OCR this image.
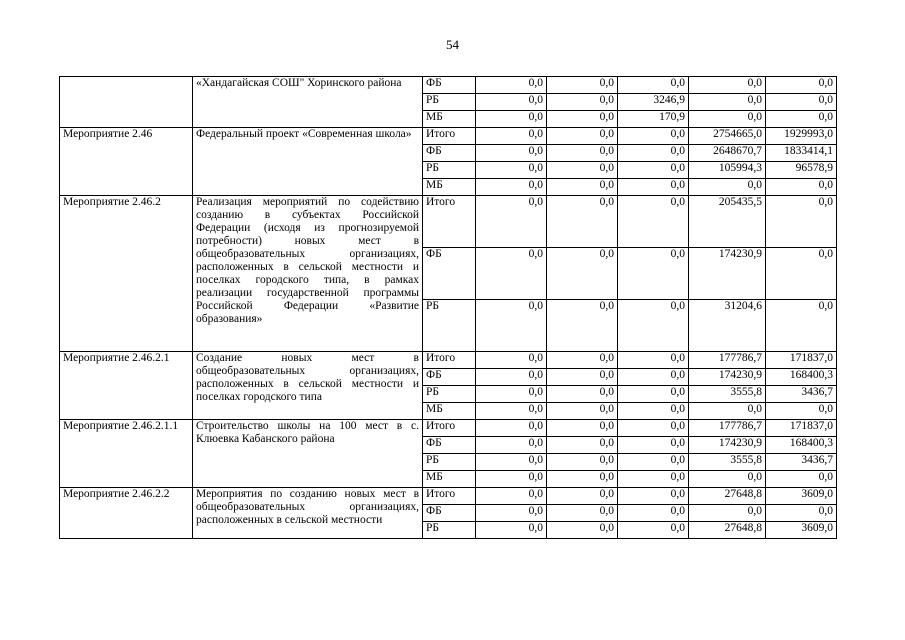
54
	«Хандагайская СОШ" Хоринского района	ФБ	0,0	0,0	0,0	0,0	0,0
		РБ	0,0	0,0	3246,9	0,0	0,0
		МБ	0,0	0,0	170,9	0,0	0,0
Мероприятие 2.46	Федеральный проект «Современная школа»	Итого	0,0	0,0	0,0	2754665,0	1929993,0
		ФБ	0,0	0,0	0,0	2648670,7	1833414,1
		РБ	0,0	0,0	0,0	105994,3	96578,9
		МБ	0,0	0,0	0,0	0,0	0,0
Мероприятие 2.46.2	Реализация мероприятий по содействию созданию в субъектах Российской Федерации (исходя из прогнозируемой потребности) новых мест в общеобразовательных организациях, расположенных в сельской местности и поселках городского типа, в рамках реализации государственной программы Российской Федерации «Развитие образования»	Итого	0,0	0,0	0,0	205435,5	0,0
		ФБ	0,0	0,0	0,0	174230,9	0,0
		РБ	0,0	0,0	0,0	31204,6	0,0
Мероприятие 2.46.2.1	Создание новых мест в общеобразовательных организациях, расположенных в сельской местности и поселках городского типа	Итого	0,0	0,0	0,0	177786,7	171837,0
		ФБ	0,0	0,0	0,0	174230,9	168400,3
		РБ	0,0	0,0	0,0	3555,8	3436,7
		МБ	0,0	0,0	0,0	0,0	0,0
Мероприятие 2.46.2.1.1	Строительство школы на 100 мест в с. Клюевка Кабанского района	Итого	0,0	0,0	0,0	177786,7	171837,0
		ФБ	0,0	0,0	0,0	174230,9	168400,3
		РБ	0,0	0,0	0,0	3555,8	3436,7
		МБ	0,0	0,0	0,0	0,0	0,0
Мероприятие 2.46.2.2	Мероприятия по созданию новых мест в общеобразовательных организациях, расположенных в сельской местности	Итого	0,0	0,0	0,0	27648,8	3609,0
		ФБ	0,0	0,0	0,0	0,0	0,0
		РБ	0,0	0,0	0,0	27648,8	3609,0
